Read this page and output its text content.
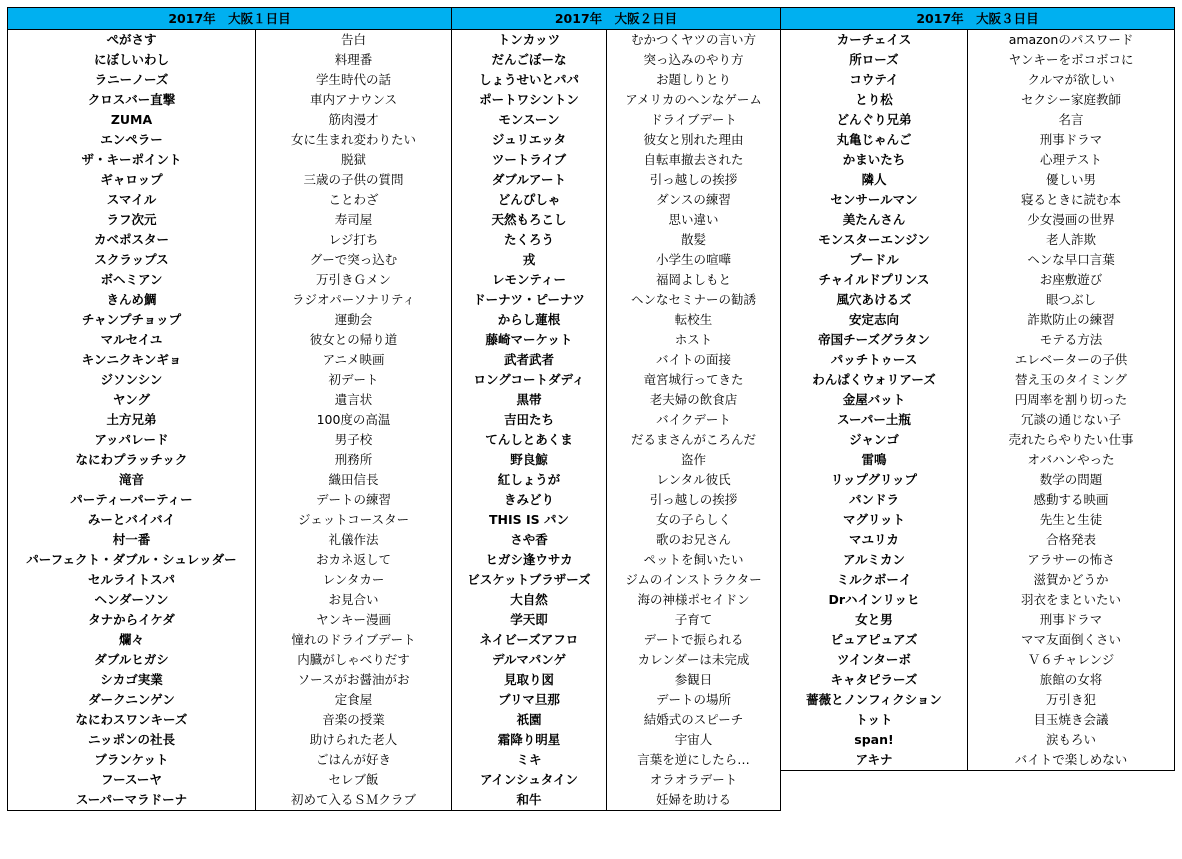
2017年　大阪１日目	
ぺがさす	告白
にぼしいわし	料理番
ラニーノーズ	学生時代の話
クロスバー直撃	車内アナウンス
ZUMA	筋肉漫才
エンペラー	女に生まれ変わりたい
ザ・キーポイント	脱獄
ギャロップ	三歳の子供の質問
スマイル	ことわざ
ラフ次元	寿司屋
カベポスター	レジ打ち
スクラップス	グーで突っ込む
ボヘミアン	万引きＧメン
きんめ鯛	ラジオパーソナリティ
チャンプチョップ	運動会
マルセイユ	彼女との帰り道
キンニクキンギョ	アニメ映画
ジソンシン	初デート
ヤング	遺言状
土方兄弟	100度の高温
アッパレード	男子校
なにわプラッチック	刑務所
滝音	織田信長
パーティーパーティー	デートの練習
みーとバイバイ	ジェットコースター
村一番	礼儀作法
パーフェクト・ダブル・シュレッダー	おカネ返して
セルライトスパ	レンタカー
ヘンダーソン	お見合い
タナからイケダ	ヤンキー漫画
爛々	憧れのドライブデート
ダブルヒガシ	内臓がしゃべりだす
シカゴ実業	ソースがお醤油がお
ダークニンゲン	定食屋
なにわスワンキーズ	音楽の授業
ニッポンの社長	助けられた老人
ブランケット	ごはんが好き
フースーヤ	セレブ飯
スーパーマラドーナ	初めて入るＳＭクラブ
2017年　大阪２日目	
トンカッツ	むかつくヤツの言い方
だんごぼーな	突っ込みのやり方
しょうせいとパパ	お題しりとり
ポートワシントン	アメリカのヘンなゲーム
モンスーン	ドライブデート
ジュリエッタ	彼女と別れた理由
ツートライブ	自転車撤去された
ダブルアート	引っ越しの挨拶
どんぴしゃ	ダンスの練習
天然もろこし	思い違い
たくろう	散髪
戎	小学生の喧嘩
レモンティー	福岡よしもと
ドーナツ・ピーナツ	ヘンなセミナーの勧誘
からし蓮根	転校生
藤崎マーケット	ホスト
武者武者	バイトの面接
ロングコートダディ	竜宮城行ってきた
黒帯	老夫婦の飲食店
吉田たち	バイクデート
てんしとあくま	だるまさんがころんだ
野良鯨	盗作
紅しょうが	レンタル彼氏
きみどり	引っ越しの挨拶
THIS IS パン	女の子らしく
さや香	歌のお兄さん
ヒガシ逢ウサカ	ペットを飼いたい
ビスケットブラザーズ	ジムのインストラクター
大自然	海の神様ポセイドン
学天即	子育て
ネイビーズアフロ	デートで振られる
デルマパンゲ	カレンダーは未完成
見取り図	参観日
ブリマ旦那	デートの場所
祇園	結婚式のスピーチ
霜降り明星	宇宙人
ミキ	言葉を逆にしたら…
アインシュタイン	オラオラデート
和牛	妊婦を助ける
2017年　大阪３日目	
カーチェイス	amazonのパスワード
所ローズ	ヤンキーをボコボコに
コウテイ	クルマが欲しい
とり松	セクシー家庭教師
どんぐり兄弟	名言
丸亀じゃんご	刑事ドラマ
かまいたち	心理テスト
隣人	優しい男
センサールマン	寝るときに読む本
美たんさん	少女漫画の世界
モンスターエンジン	老人詐欺
プードル	ヘンな早口言葉
チャイルドプリンス	お座敷遊び
風穴あけるズ	眼つぶし
安定志向	詐欺防止の練習
帝国チーズグラタン	モテる方法
パッチトゥース	エレベーターの子供
わんぱくウォリアーズ	替え玉のタイミング
金屋バット	円周率を割り切った
スーパー土瓶	冗談の通じない子
ジャンゴ	売れたらやりたい仕事
雷鳴	オバハンやった
リップグリップ	数学の問題
パンドラ	感動する映画
マグリット	先生と生徒
マユリカ	合格発表
アルミカン	アラサーの怖さ
ミルクボーイ	滋賀かどうか
Drハインリッヒ	羽衣をまといたい
女と男	刑事ドラマ
ピュアピュアズ	ママ友面倒くさい
ツインターボ	Ｖ６チャレンジ
キャタピラーズ	旅館の女将
薔薇とノンフィクション	万引き犯
トット	目玉焼き会議
span!	涙もろい
アキナ	バイトで楽しめない
